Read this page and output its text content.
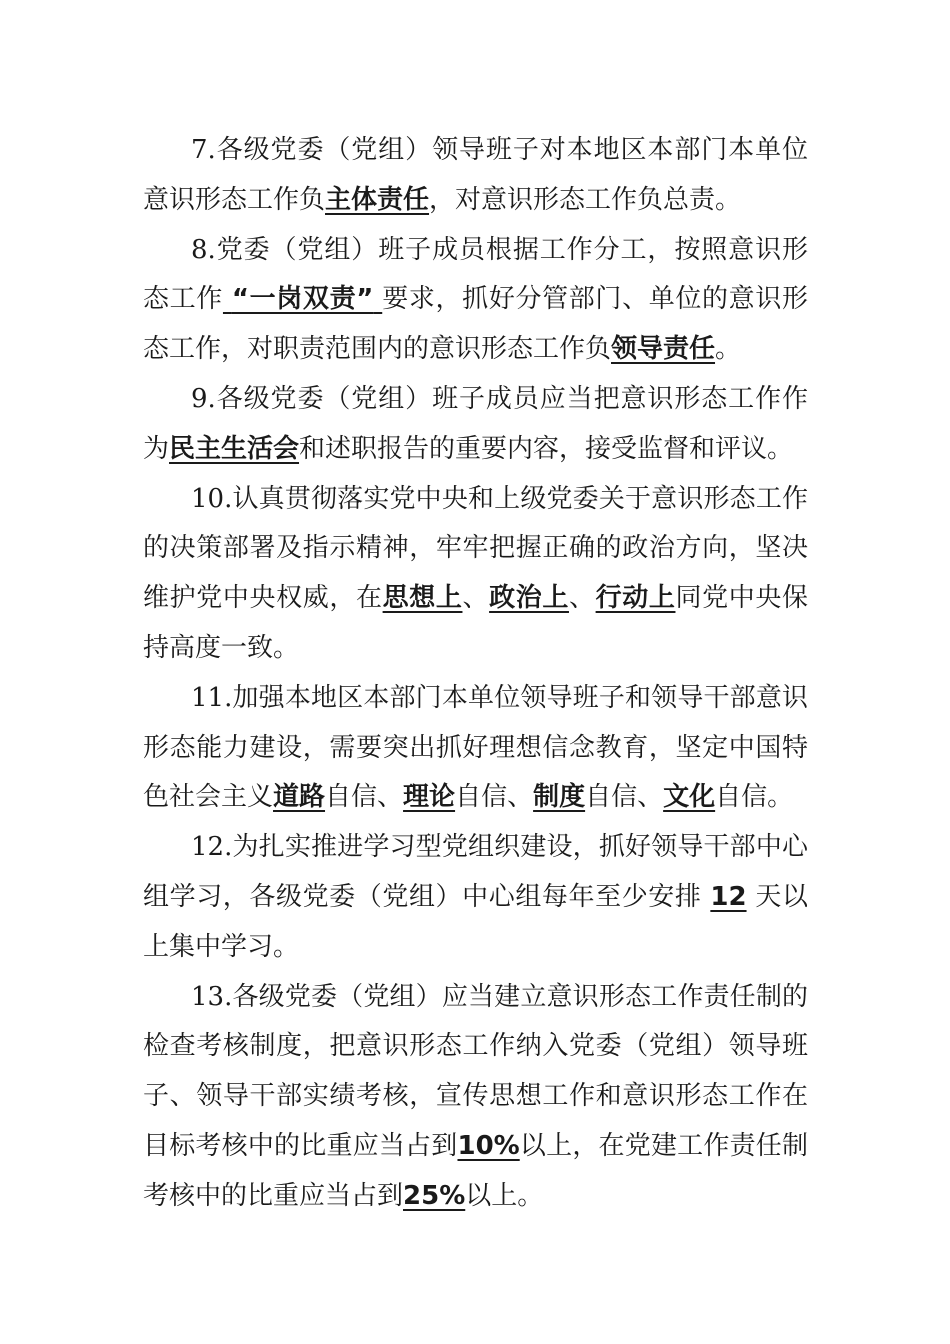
7.各级党委（党组）领导班子对本地区本部门本单位意识形态工作负主体责任，对意识形态工作负总责。

8.党委（党组）班子成员根据工作分工，按照意识形态工作 “一岗双责” 要求，抓好分管部门、单位的意识形态工作，对职责范围内的意识形态工作负领导责任。

9.各级党委（党组）班子成员应当把意识形态工作作为民主生活会和述职报告的重要内容，接受监督和评议。

10.认真贯彻落实党中央和上级党委关于意识形态工作的决策部署及指示精神，牢牢把握正确的政治方向，坚决维护党中央权威，在思想上、政治上、行动上同党中央保持高度一致。

11.加强本地区本部门本单位领导班子和领导干部意识形态能力建设，需要突出抓好理想信念教育，坚定中国特色社会主义道路自信、理论自信、制度自信、文化自信。

12.为扎实推进学习型党组织建设，抓好领导干部中心组学习，各级党委（党组）中心组每年至少安排 12 天以上集中学习。

13.各级党委（党组）应当建立意识形态工作责任制的检查考核制度，把意识形态工作纳入党委（党组）领导班子、领导干部实绩考核，宣传思想工作和意识形态工作在目标考核中的比重应当占到10%以上，在党建工作责任制考核中的比重应当占到25%以上。
